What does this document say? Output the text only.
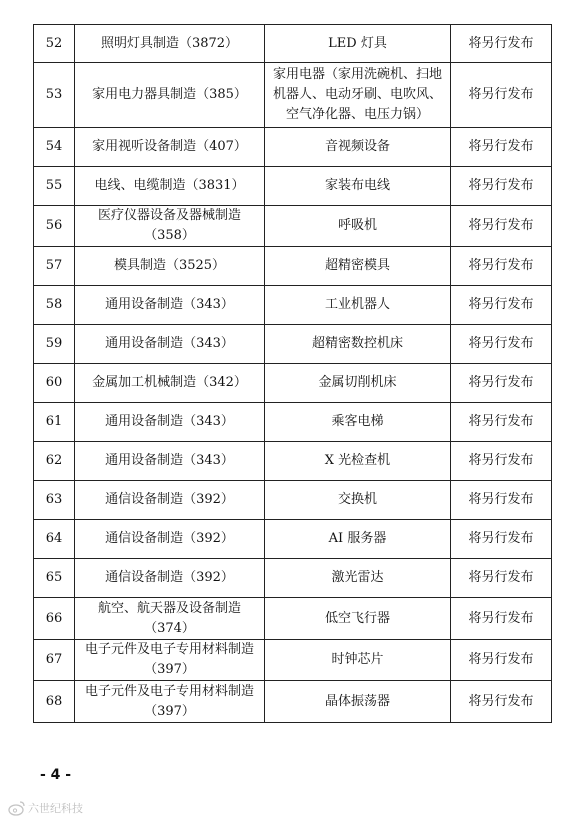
52	照明灯具制造（3872）	LED 灯具	将另行发布
53	家用电力器具制造（385）	家用电器（家用洗碗机、扫地机器人、电动牙刷、电吹风、空气净化器、电压力锅）	将另行发布
54	家用视听设备制造（407）	音视频设备	将另行发布
55	电线、电缆制造（3831）	家装布电线	将另行发布
56	医疗仪器设备及器械制造（358）	呼吸机	将另行发布
57	模具制造（3525）	超精密模具	将另行发布
58	通用设备制造（343）	工业机器人	将另行发布
59	通用设备制造（343）	超精密数控机床	将另行发布
60	金属加工机械制造（342）	金属切削机床	将另行发布
61	通用设备制造（343）	乘客电梯	将另行发布
62	通用设备制造（343）	X 光检查机	将另行发布
63	通信设备制造（392）	交换机	将另行发布
64	通信设备制造（392）	AI 服务器	将另行发布
65	通信设备制造（392）	激光雷达	将另行发布
66	航空、航天器及设备制造（374）	低空飞行器	将另行发布
67	电子元件及电子专用材料制造（397）	时钟芯片	将另行发布
68	电子元件及电子专用材料制造（397）	晶体振荡器	将另行发布
- 4 -
六世纪科技
